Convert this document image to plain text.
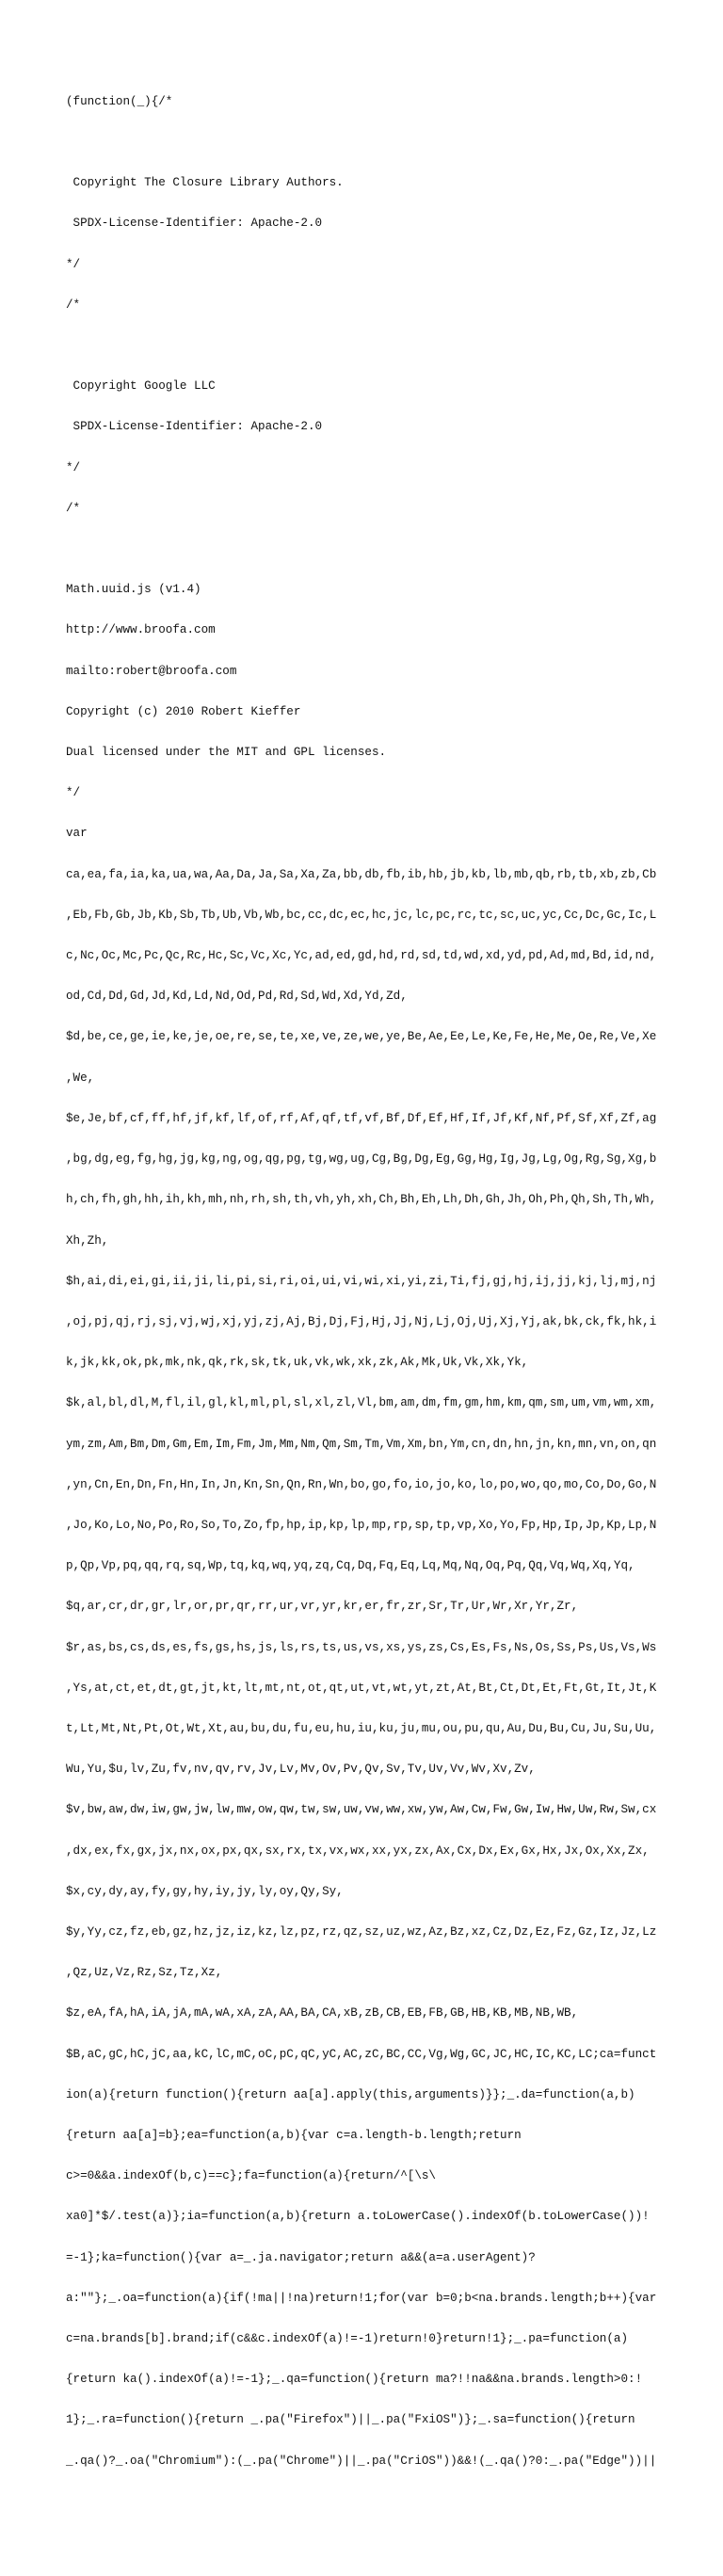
(function(_){/*

Copyright The Closure Library Authors.

SPDX-License-Identifier: Apache-2.0

*/

/*

Copyright Google LLC

SPDX-License-Identifier: Apache-2.0

*/

/*

Math.uuid.js (v1.4)

http://www.broofa.com

mailto:robert@broofa.com

Copyright (c) 2010 Robert Kieffer

Dual licensed under the MIT and GPL licenses.

*/

var

ca,ea,fa,ia,ka,ua,wa,Aa,Da,Ja,Sa,Xa,Za,bb,db,fb,ib,hb,jb,kb,lb,mb,qb,rb,tb,xb,zb,Cb

,Eb,Fb,Gb,Jb,Kb,Sb,Tb,Ub,Vb,Wb,bc,cc,dc,ec,hc,jc,lc,pc,rc,tc,sc,uc,yc,Cc,Dc,Gc,Ic,L

c,Nc,Oc,Mc,Pc,Qc,Rc,Hc,Sc,Vc,Xc,Yc,ad,ed,gd,hd,rd,sd,td,wd,xd,yd,pd,Ad,md,Bd,id,nd,

od,Cd,Dd,Gd,Jd,Kd,Ld,Nd,Od,Pd,Rd,Sd,Wd,Xd,Yd,Zd,

$d,be,ce,ge,ie,ke,je,oe,re,se,te,xe,ve,ze,we,ye,Be,Ae,Ee,Le,Ke,Fe,He,Me,Oe,Re,Ve,Xe

,We,

$e,Je,bf,cf,ff,hf,jf,kf,lf,of,rf,Af,qf,tf,vf,Bf,Df,Ef,Hf,If,Jf,Kf,Nf,Pf,Sf,Xf,Zf,ag

,bg,dg,eg,fg,hg,jg,kg,ng,og,qg,pg,tg,wg,ug,Cg,Bg,Dg,Eg,Gg,Hg,Ig,Jg,Lg,Og,Rg,Sg,Xg,b

h,ch,fh,gh,hh,ih,kh,mh,nh,rh,sh,th,vh,yh,xh,Ch,Bh,Eh,Lh,Dh,Gh,Jh,Oh,Ph,Qh,Sh,Th,Wh,

Xh,Zh,

$h,ai,di,ei,gi,ii,ji,li,pi,si,ri,oi,ui,vi,wi,xi,yi,zi,Ti,fj,gj,hj,ij,jj,kj,lj,mj,nj

,oj,pj,qj,rj,sj,vj,wj,xj,yj,zj,Aj,Bj,Dj,Fj,Hj,Jj,Nj,Lj,Oj,Uj,Xj,Yj,ak,bk,ck,fk,hk,i

k,jk,kk,ok,pk,mk,nk,qk,rk,sk,tk,uk,vk,wk,xk,zk,Ak,Mk,Uk,Vk,Xk,Yk,

$k,al,bl,dl,M,fl,il,gl,kl,ml,pl,sl,xl,zl,Vl,bm,am,dm,fm,gm,hm,km,qm,sm,um,vm,wm,xm,

ym,zm,Am,Bm,Dm,Gm,Em,Im,Fm,Jm,Mm,Nm,Qm,Sm,Tm,Vm,Xm,bn,Ym,cn,dn,hn,jn,kn,mn,vn,on,qn

,yn,Cn,En,Dn,Fn,Hn,In,Jn,Kn,Sn,Qn,Rn,Wn,bo,go,fo,io,jo,ko,lo,po,wo,qo,mo,Co,Do,Go,N

,Jo,Ko,Lo,No,Po,Ro,So,To,Zo,fp,hp,ip,kp,lp,mp,rp,sp,tp,vp,Xo,Yo,Fp,Hp,Ip,Jp,Kp,Lp,N

p,Qp,Vp,pq,qq,rq,sq,Wp,tq,kq,wq,yq,zq,Cq,Dq,Fq,Eq,Lq,Mq,Nq,Oq,Pq,Qq,Vq,Wq,Xq,Yq,

$q,ar,cr,dr,gr,lr,or,pr,qr,rr,ur,vr,yr,kr,er,fr,zr,Sr,Tr,Ur,Wr,Xr,Yr,Zr,

$r,as,bs,cs,ds,es,fs,gs,hs,js,ls,rs,ts,us,vs,xs,ys,zs,Cs,Es,Fs,Ns,Os,Ss,Ps,Us,Vs,Ws

,Ys,at,ct,et,dt,gt,jt,kt,lt,mt,nt,ot,qt,ut,vt,wt,yt,zt,At,Bt,Ct,Dt,Et,Ft,Gt,It,Jt,K

t,Lt,Mt,Nt,Pt,Ot,Wt,Xt,au,bu,du,fu,eu,hu,iu,ku,ju,mu,ou,pu,qu,Au,Du,Bu,Cu,Ju,Su,Uu,

Wu,Yu,$u,lv,Zu,fv,nv,qv,rv,Jv,Lv,Mv,Ov,Pv,Qv,Sv,Tv,Uv,Vv,Wv,Xv,Zv,

$v,bw,aw,dw,iw,gw,jw,lw,mw,ow,qw,tw,sw,uw,vw,ww,xw,yw,Aw,Cw,Fw,Gw,Iw,Hw,Uw,Rw,Sw,cx

,dx,ex,fx,gx,jx,nx,ox,px,qx,sx,rx,tx,vx,wx,xx,yx,zx,Ax,Cx,Dx,Ex,Gx,Hx,Jx,Ox,Xx,Zx,

$x,cy,dy,ay,fy,gy,hy,iy,jy,ly,oy,Qy,Sy,

$y,Yy,cz,fz,eb,gz,hz,jz,iz,kz,lz,pz,rz,qz,sz,uz,wz,Az,Bz,xz,Cz,Dz,Ez,Fz,Gz,Iz,Jz,Lz

,Qz,Uz,Vz,Rz,Sz,Tz,Xz,

$z,eA,fA,hA,iA,jA,mA,wA,xA,zA,AA,BA,CA,xB,zB,CB,EB,FB,GB,HB,KB,MB,NB,WB,

$B,aC,gC,hC,jC,aa,kC,lC,mC,oC,pC,qC,yC,AC,zC,BC,CC,Vg,Wg,GC,JC,HC,IC,KC,LC;ca=funct

ion(a){return function(){return aa[a].apply(this,arguments)}};_.da=function(a,b)

{return aa[a]=b};ea=function(a,b){var c=a.length-b.length;return

c>=0&&a.indexOf(b,c)==c};fa=function(a){return/^[\s\

xa0]*$/.test(a)};ia=function(a,b){return a.toLowerCase().indexOf(b.toLowerCase())!

=-1};ka=function(){var a=_.ja.navigator;return a&&(a=a.userAgent)?

a:""};_.oa=function(a){if(!ma||!na)return!1;for(var b=0;b<na.brands.length;b++){var

c=na.brands[b].brand;if(c&&c.indexOf(a)!=-1)return!0}return!1};_.pa=function(a)

{return ka().indexOf(a)!=-1};_.qa=function(){return ma?!!na&&na.brands.length>0:!

1};_.ra=function(){return _.pa("Firefox")||_.pa("FxiOS")};_.sa=function(){return

_.qa()?_.oa("Chromium"):(_.pa("Chrome")||_.pa("CriOS"))&&!(_.qa()?0:_.pa("Edge"))||
